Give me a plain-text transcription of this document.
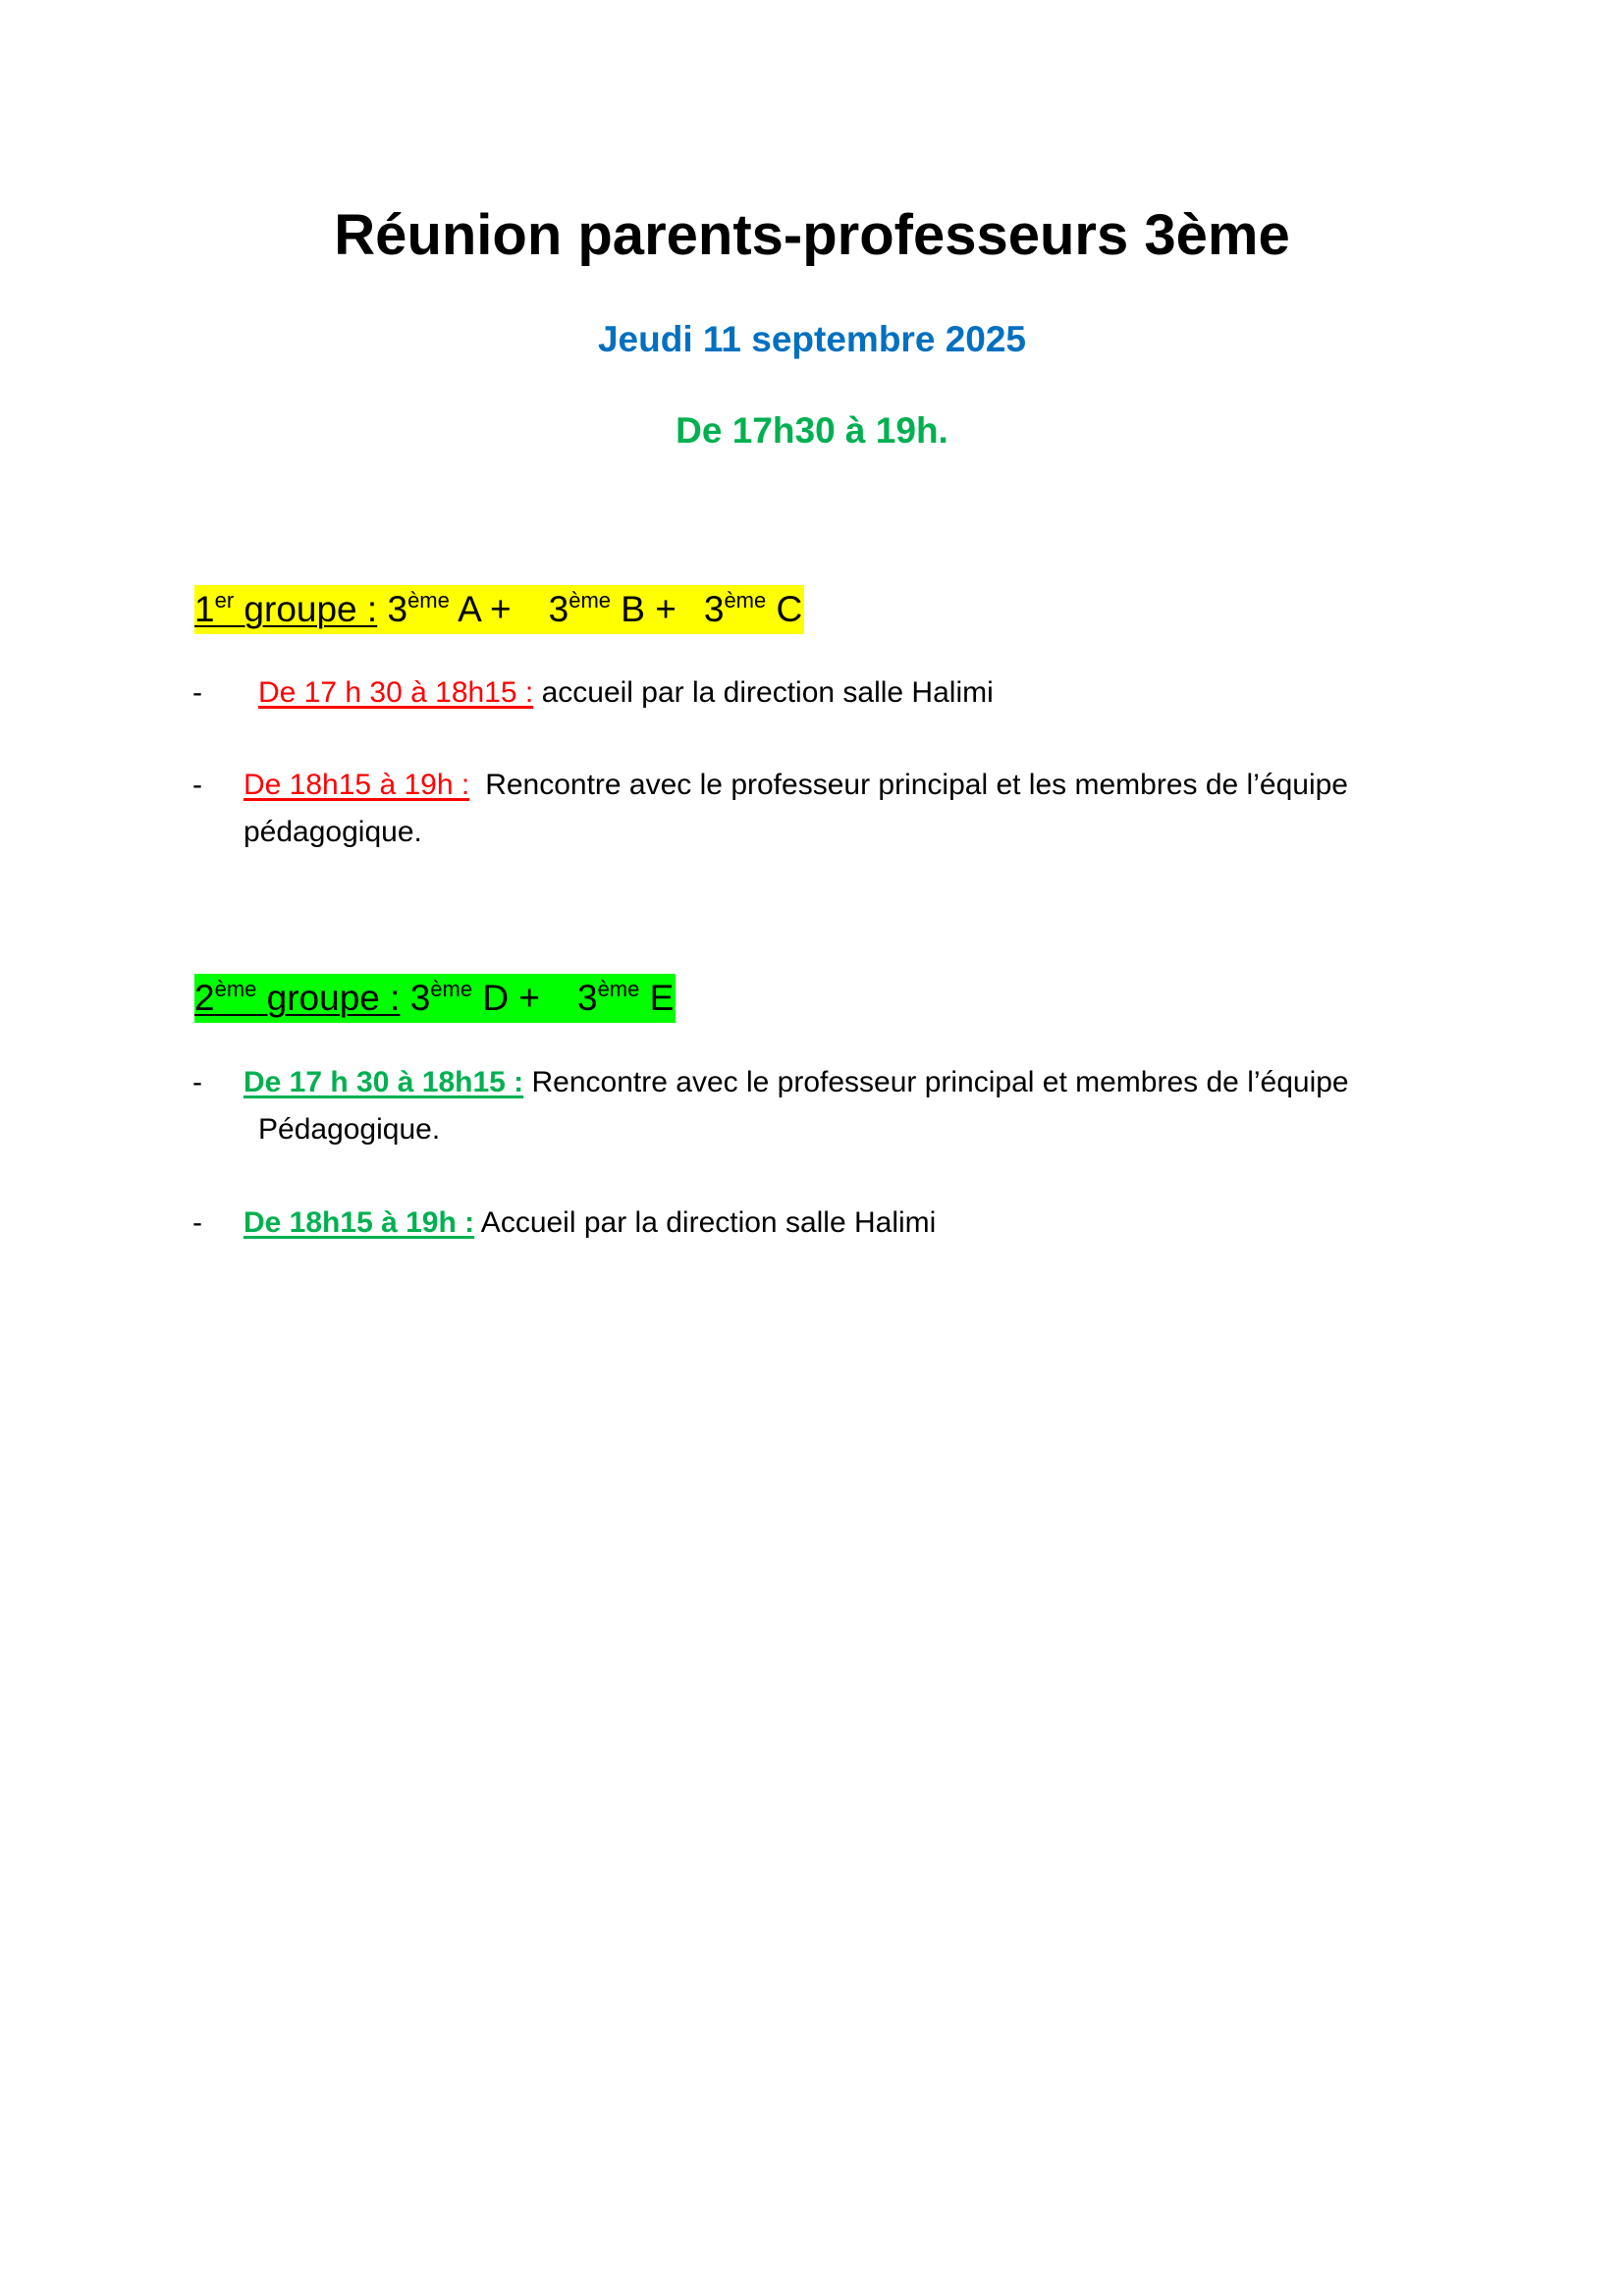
Réunion parents-professeurs 3ème
Jeudi 11 septembre 2025
De 17h30 à 19h.
1er groupe : 3ème A + 3ème B + 3ème C
-	De 17 h 30 à 18h15 : accueil par la direction salle Halimi
- De 18h15 à 19h : Rencontre avec le professeur principal et les membres de l’équipe
pédagogique.
2ème groupe : 3ème D + 3ème E
- De 17 h 30 à 18h15 : Rencontre avec le professeur principal et membres de l’équipe
Pédagogique.
- De 18h15 à 19h : Accueil par la direction salle Halimi
